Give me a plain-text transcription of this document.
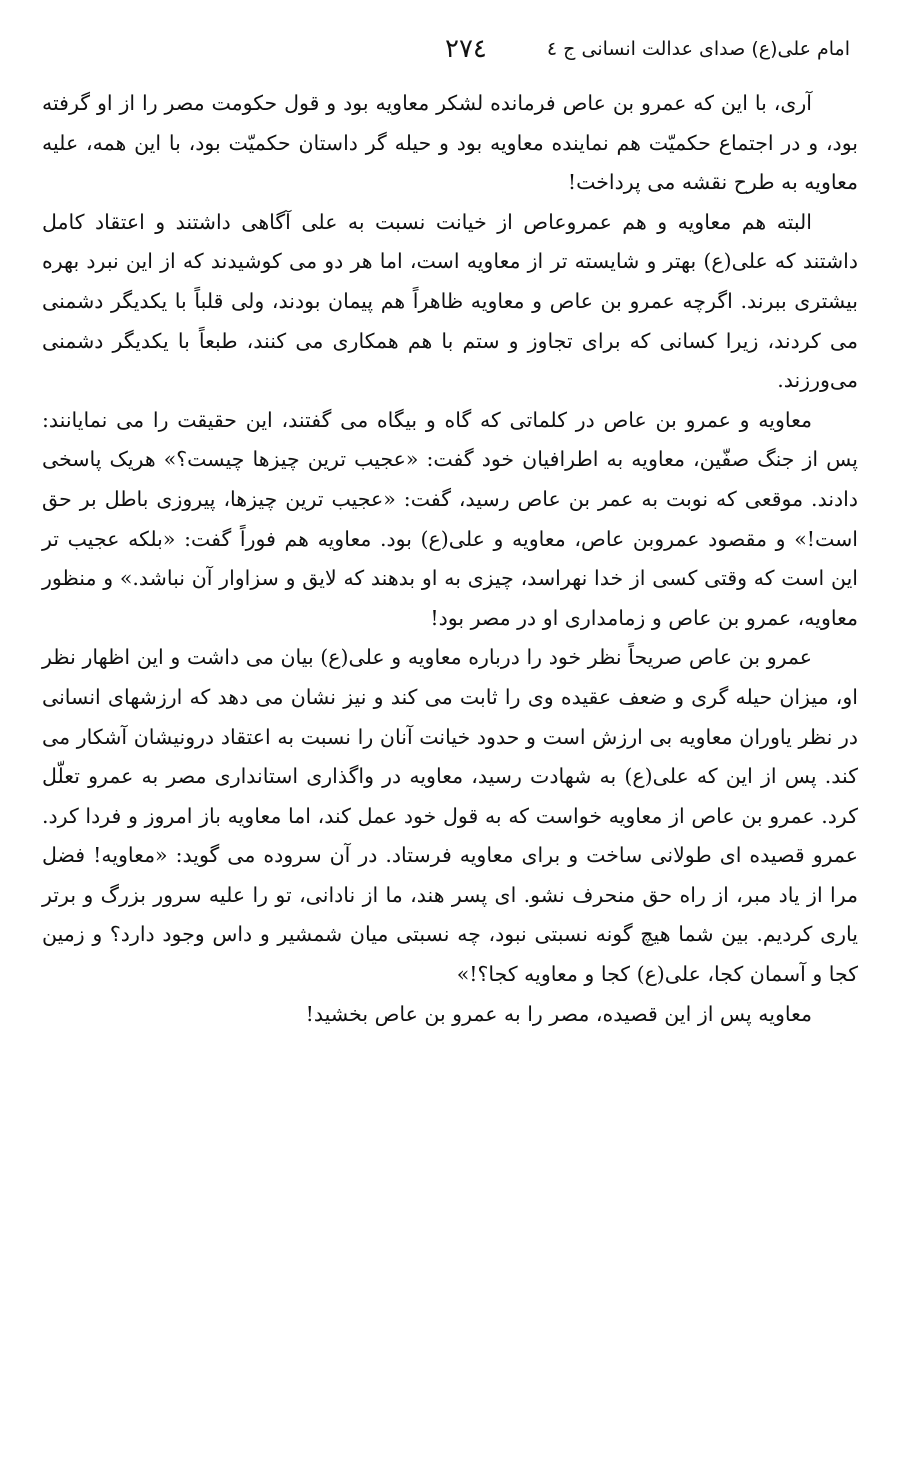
امام علی(ع) صدای عدالت انسانی ج ٤
٢٧٤

آری، با این که عمرو بن عاص فرمانده لشکر معاویه بود و قول حکومت مصر را از او گرفته بود، و در اجتماع حکمیّت هم نماینده معاویه بود و حیله گر داستان حکمیّت بود، با این همه، علیه معاویه به طرح نقشه می پرداخت!

البته هم معاویه و هم عمروعاص از خیانت نسبت به علی آگاهی داشتند و اعتقاد کامل داشتند که علی(ع) بهتر و شایسته تر از معاویه است، اما هر دو می کوشیدند که از این نبرد بهره بیشتری ببرند. اگرچه عمرو بن عاص و معاویه ظاهراً هم پیمان بودند، ولی قلباً با یکدیگر دشمنی می کردند، زیرا کسانی که برای تجاوز و ستم با هم همکاری می کنند، طبعاً با یکدیگر دشمنی می‌ورزند.

معاویه و عمرو بن عاص در کلماتی که گاه و بیگاه می گفتند، این حقیقت را می نمایانند: پس از جنگ صفّین، معاویه به اطرافیان خود گفت: «عجیب ترین چیزها چیست؟» هریک پاسخی دادند. موقعی که نوبت به عمر بن عاص رسید، گفت: «عجیب ترین چیزها، پیروزی باطل بر حق است!» و مقصود عمروبن عاص، معاویه و علی(ع) بود. معاویه هم فوراً گفت: «بلکه عجیب تر این است که وقتی کسی از خدا نهراسد، چیزی به او بدهند که لایق و سزاوار آن نباشد.» و منظور معاویه، عمرو بن عاص و زمامداری او در مصر بود!

عمرو بن عاص صریحاً نظر خود را درباره معاویه و علی(ع) بیان می داشت و این اظهار نظر او، میزان حیله گری و ضعف عقیده وی را ثابت می کند و نیز نشان می دهد که ارزشهای انسانی در نظر یاوران معاویه بی ارزش است و حدود خیانت آنان را نسبت به اعتقاد درونیشان آشکار می کند. پس از این که علی(ع) به شهادت رسید، معاویه در واگذاری استانداری مصر به عمرو تعلّل کرد. عمرو بن عاص از معاویه خواست که به قول خود عمل کند، اما معاویه باز امروز و فردا کرد. عمرو قصیده ای طولانی ساخت و برای معاویه فرستاد. در آن سروده می گوید: «معاویه! فضل مرا از یاد مبر، از راه حق منحرف نشو. ای پسر هند، ما از نادانی، تو را علیه سرور بزرگ و برتر یاری کردیم. بین شما هیچ گونه نسبتی نبود، چه نسبتی میان شمشیر و داس وجود دارد؟ و زمین کجا و آسمان کجا، علی(ع) کجا و معاویه کجا؟!»

معاویه پس از این قصیده، مصر را به عمرو بن عاص بخشید!
